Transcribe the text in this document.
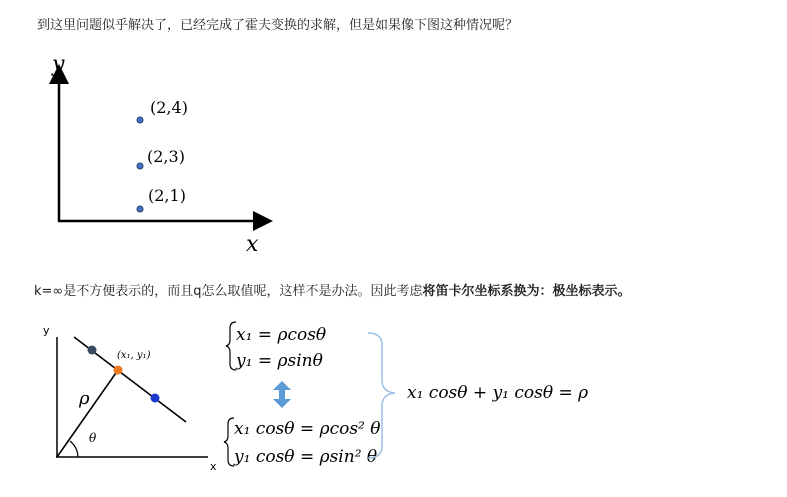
到这里问题似乎解决了，已经完成了霍夫变换的求解，但是如果像下图这种情况呢？
y
x
(2,4)
(2,3)
(2,1)
y
x
ρ
θ
(x₁, y₁)
x₁ = ρcosθ
y₁ = ρsinθ
x₁ cosθ = ρcos² θ
y₁ cosθ = ρsin² θ
x₁ cosθ + y₁ cosθ = ρ
k=∞是不方便表示的，而且q怎么取值呢，这样不是办法。因此考虑将笛卡尔坐标系换为：极坐标表示。
